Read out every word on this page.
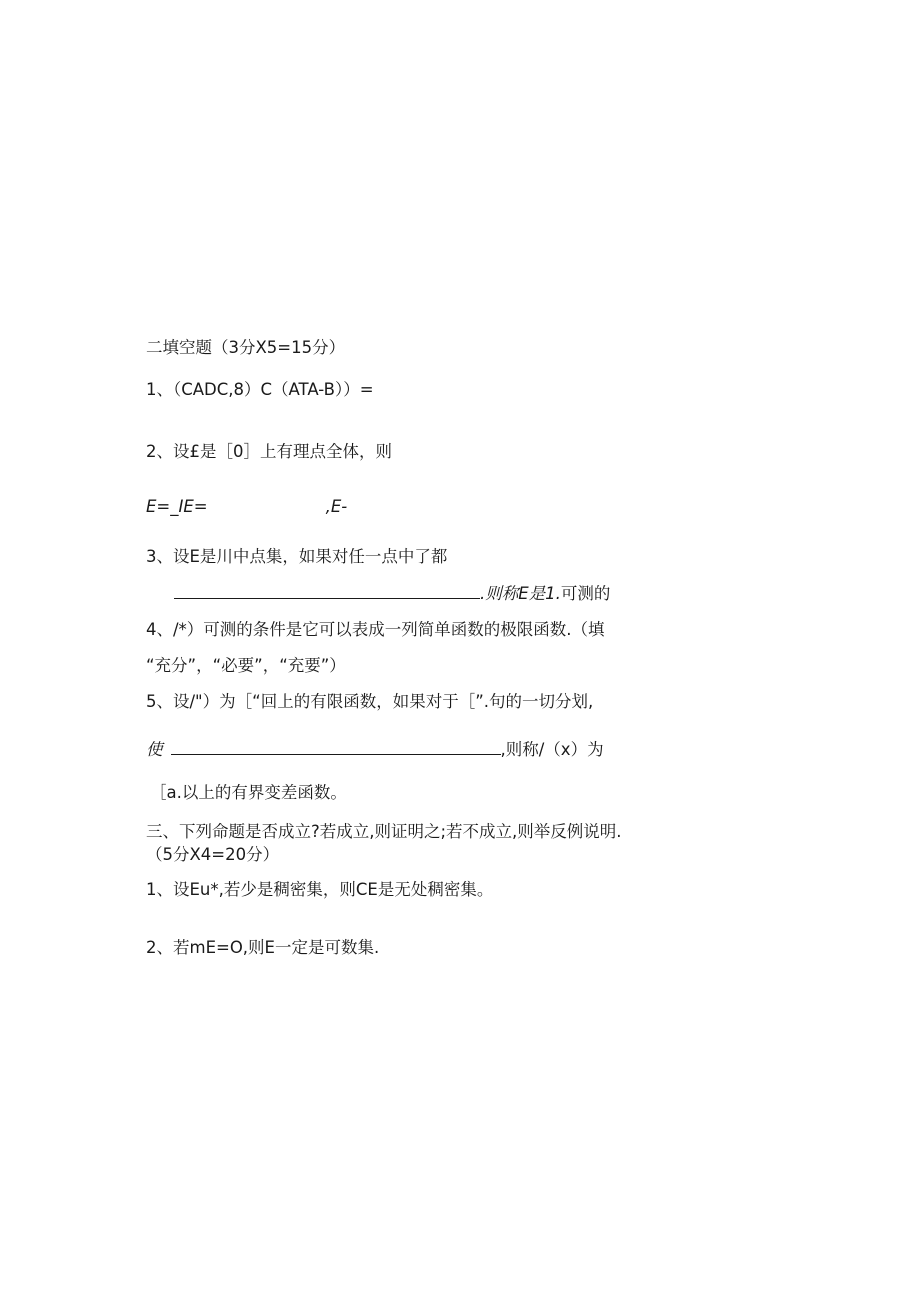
二填空题（3分X5=15分）
1、（CADC,8）C（ATA-B））=
2、设£是［0］上有理点全体，则
E=_IE=	,E-
3、设E是川中点集，如果对任一点中了都
.则称E是1.可测的
4、/*）可测的条件是它可以表成一列简单函数的极限函数.（填
“充分”，“必要”，“充要”）
5、设/"）为［“回上的有限函数，如果对于［”.句的一切分划,
使	,则称/（x）为
［a.以上的有界变差函数。
三、下列命题是否成立?若成立,则证明之;若不成立,则举反例说明.
（5分X4=20分）
1、设Eu*,若少是稠密集，则CE是无处稠密集。
2、若mE=O,则E一定是可数集.
